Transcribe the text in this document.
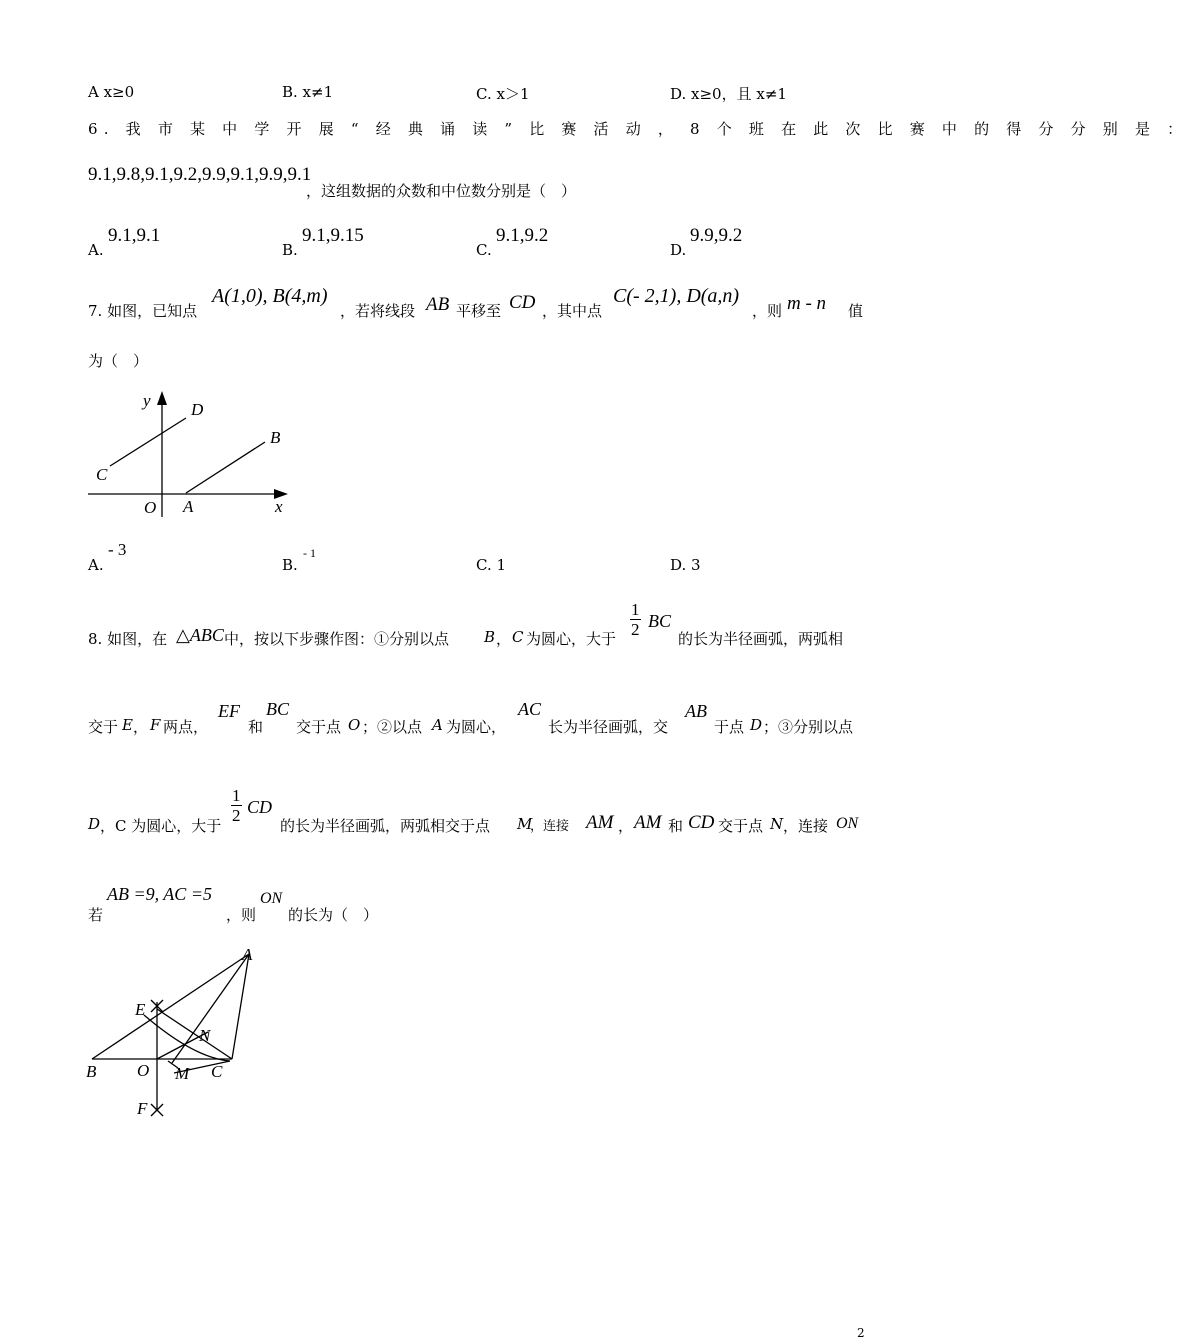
A x≥0	B. x≠1	C. x＞1	D. x≥0，且 x≠1
6. 我 市 某 中 学 开 展 “ 经 典 诵 读 ” 比 赛 活 动 ， 8 个 班 在 此 次 比 赛 中 的 得 分 分 别 是 ：
9.1,9.8,9.1,9.2,9.9,9.1,9.9,9.1
，这组数据的众数和中位数分别是（　）
A.
9.1,9.1
B.
9.1,9.15
C.
9.1,9.2
D.
9.9,9.2
7. 如图，已知点
A(1,0), B(4,m)
，若将线段 AB 平移至 CD ，其中点
C(- 2,1), D(a,n)
，则 m - n 值
为（　）
y
x
O A
B
C
D
A.
- 3
B.
- 1
C. 1	D. 3
8. 如图，在 △ABC 中，按以下步骤作图：①分别以点 B ， C 为圆心，大于 $\frac{1}{2}$ BC
的长为半径画弧，两弧相
交于 E ， F 两点，
EF
和
BC
交于点 O ；②以点 A 为圆心，
AC
长为半径画弧，交
AB
于点 D ；③分别以点
D ，C 为圆心，大于
$\frac{1}{2}$ CD
的长为半径画弧，两弧相交于点 M
，连接 AM ， AM 和 CD 交于点 N ，连接 ON
若
AB =9, AC =5
，则
ON
的长为（　）
A
E
N
B O M C
F
2
